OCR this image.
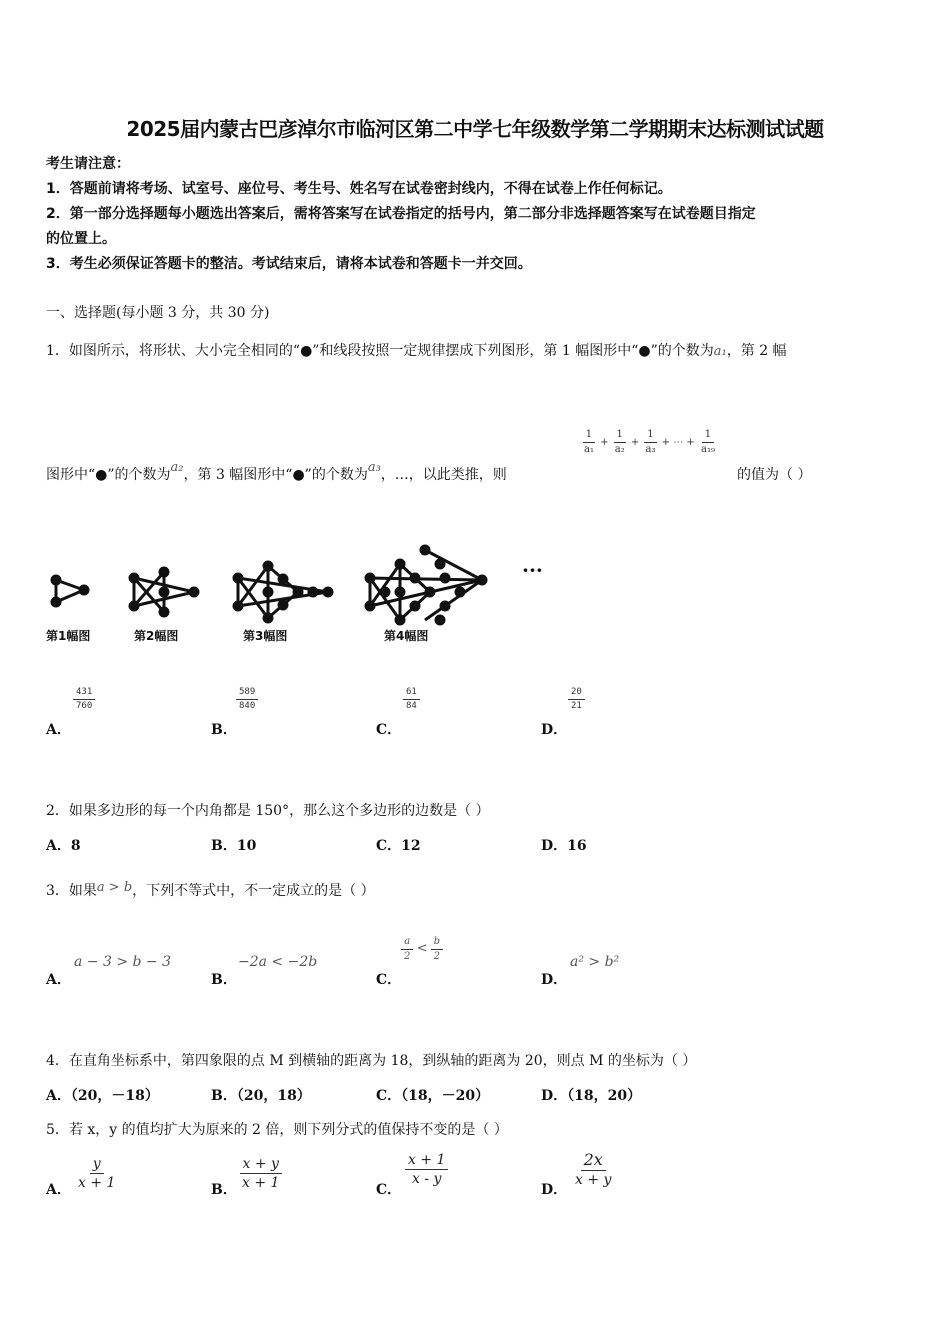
2025届内蒙古巴彦淖尔市临河区第二中学七年级数学第二学期期末达标测试试题
考生请注意：
1．答题前请将考场、试室号、座位号、考生号、姓名写在试卷密封线内，不得在试卷上作任何标记。
2．第一部分选择题每小题选出答案后，需将答案写在试卷指定的括号内，第二部分非选择题答案写在试卷题目指定
的位置上。
3．考生必须保证答题卡的整洁。考试结束后，请将本试卷和答题卡一并交回。
一、选择题(每小题 3 分，共 30 分)
1．如图所示，将形状、大小完全相同的“●”和线段按照一定规律摆成下列图形，第 1 幅图形中“●”的个数为a₁，第 2 幅
$\frac{1}{\text{a₁}} + \frac{1}{\text{a₂}} + \frac{1}{\text{a₃}}$ + ⋯ + $\frac{1}{\text{a₁₉}}$
图形中“●”的个数为a₂，第 3 幅图形中“●”的个数为a₃，…，以此类推，则	的值为（ ）
···
第1幅图	第2幅图	第3幅图	第4幅图
A．
$\frac{431}{760}$
B．
$\frac{589}{840}$
C．
$\frac{61}{84}$
D．
$\frac{20}{21}$
2．如果多边形的每一个内角都是 150°，那么这个多边形的边数是（ ）
A．8	B．10	C．12	D．16
3．如果a > b，下列不等式中，不一定成立的是（ ）
A．
a − 3 > b − 3
B．
−2a < −2b
C．
$\frac{a}{2} < \frac{b}{2}$
D．
a² > b²
4．在直角坐标系中，第四象限的点 M 到横轴的距离为 18，到纵轴的距离为 20，则点 M 的坐标为（ ）
A．（20，－18）	B．（20，18）	C．（18，－20）	D．（18，20）
5．若 x，y 的值均扩大为原来的 2 倍，则下列分式的值保持不变的是（ ）
A． $\frac{y}{x + 1}$	B． $\frac{x + y}{x + 1}$	C．
$\frac{x + 1}{x - y}$
D．
$\frac{2x}{x + y}$
